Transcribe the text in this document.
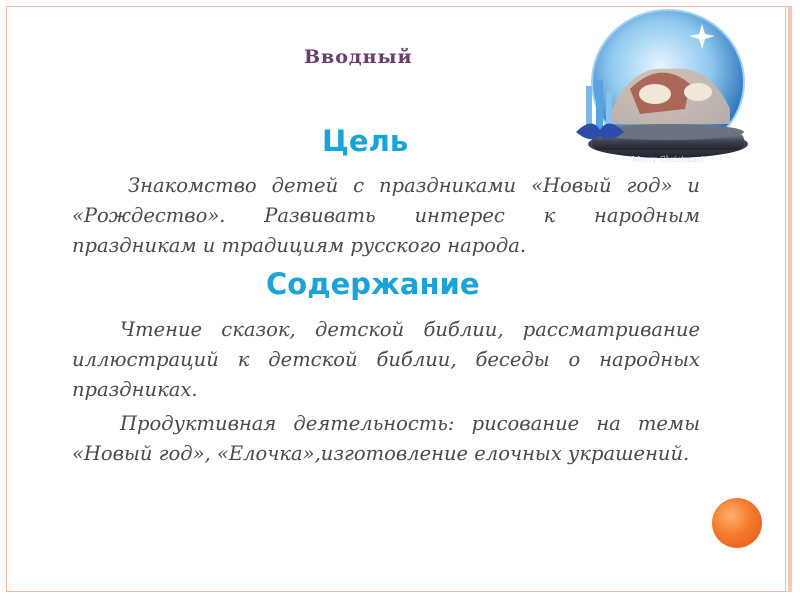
Вводный
Merry Christmas!
Цель

Знакомство детей с праздниками «Новый год» и «Рождество». Развивать интерес к народным праздникам и традициям русского народа.

Содержание

Чтение сказок, детской библии, рассматривание иллюстраций к детской библии, беседы о народных праздниках.

Продуктивная деятельность: рисование на темы «Новый год», «Елочка»,изготовление елочных украшений.
